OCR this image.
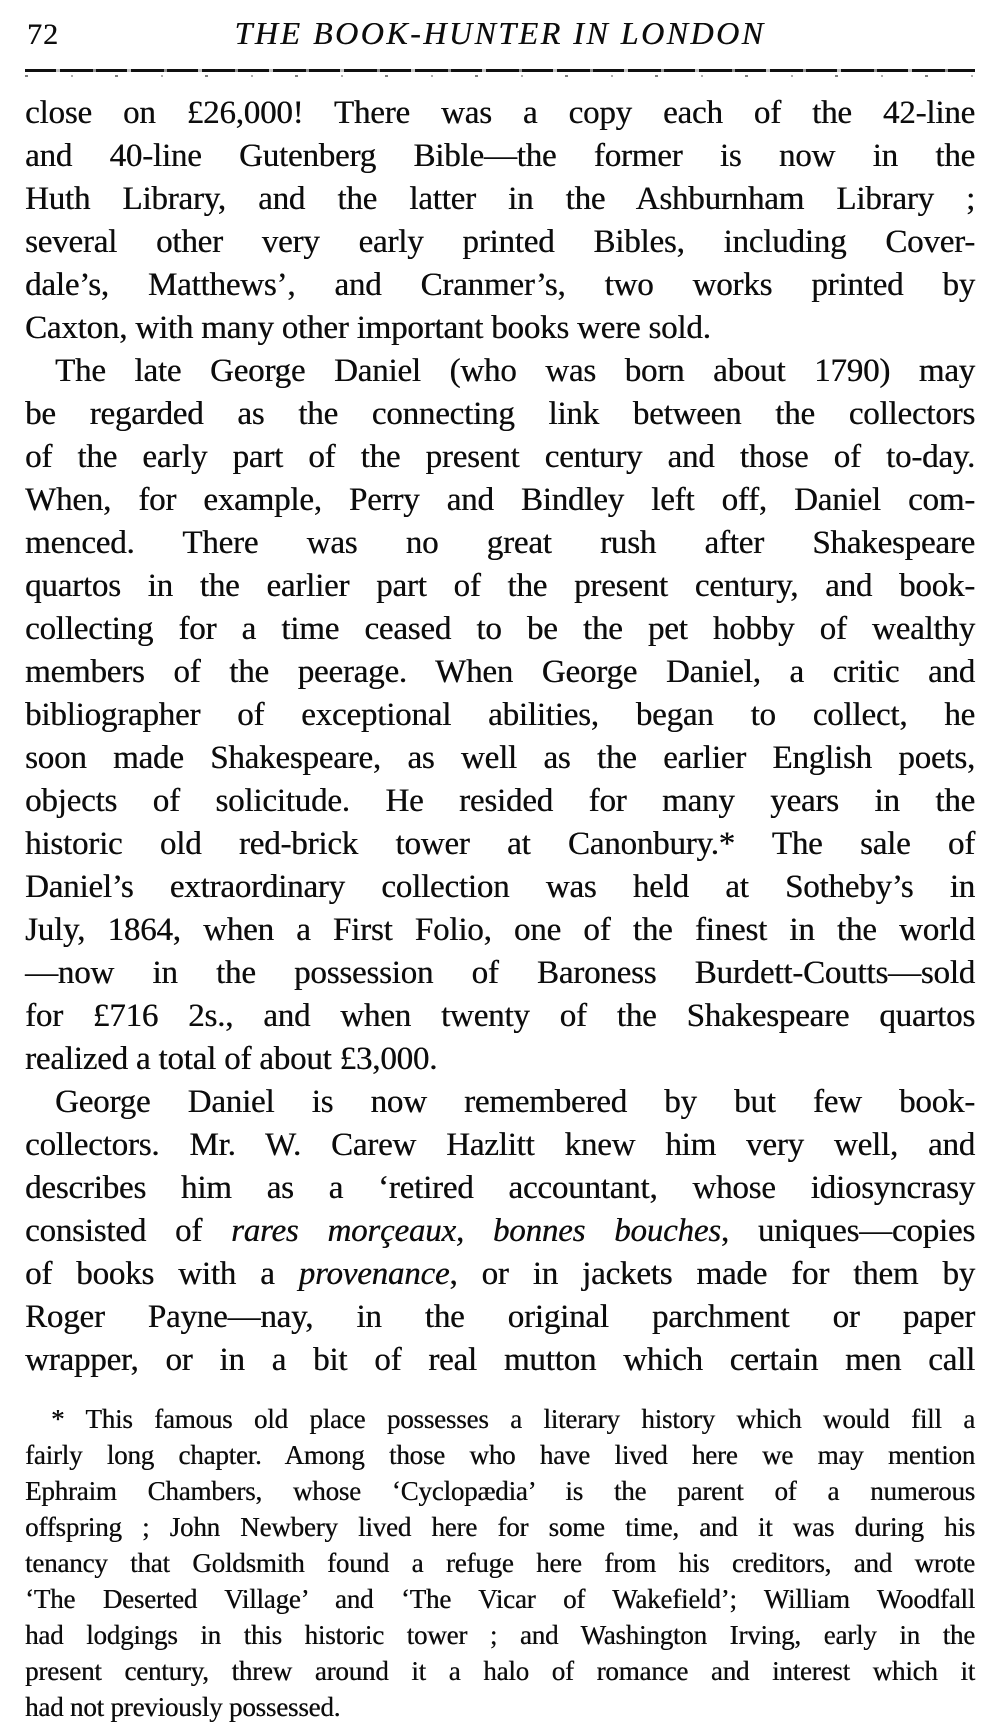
72	THE BOOK-HUNTER IN LONDON
close on £26,000! There was a copy each of the 42-line
and 40-line Gutenberg Bible—the former is now in the
Huth Library, and the latter in the Ashburnham Library ;
several other very early printed Bibles, including Cover-
dale’s, Matthews’, and Cranmer’s, two works printed by
Caxton, with many other important books were sold.
The late George Daniel (who was born about 1790) may
be regarded as the connecting link between the collectors
of the early part of the present century and those of to-day.
When, for example, Perry and Bindley left off, Daniel com-
menced. There was no great rush after Shakespeare
quartos in the earlier part of the present century, and book-
collecting for a time ceased to be the pet hobby of wealthy
members of the peerage. When George Daniel, a critic and
bibliographer of exceptional abilities, began to collect, he
soon made Shakespeare, as well as the earlier English poets,
objects of solicitude. He resided for many years in the
historic old red-brick tower at Canonbury.* The sale of
Daniel’s extraordinary collection was held at Sotheby’s in
July, 1864, when a First Folio, one of the finest in the world
—now in the possession of Baroness Burdett-Coutts—sold
for £716 2s., and when twenty of the Shakespeare quartos
realized a total of about £3,000.
George Daniel is now remembered by but few book-
collectors. Mr. W. Carew Hazlitt knew him very well, and
describes him as a ‘retired accountant, whose idiosyncrasy
consisted of rares morçeaux, bonnes bouches, uniques—copies
of books with a provenance, or in jackets made for them by
Roger Payne—nay, in the original parchment or paper
wrapper, or in a bit of real mutton which certain men call
* This famous old place possesses a literary history which would fill a
fairly long chapter. Among those who have lived here we may mention
Ephraim Chambers, whose ‘Cyclopædia’ is the parent of a numerous
offspring ; John Newbery lived here for some time, and it was during his
tenancy that Goldsmith found a refuge here from his creditors, and wrote
‘The Deserted Village’ and ‘The Vicar of Wakefield’; William Woodfall
had lodgings in this historic tower ; and Washington Irving, early in the
present century, threw around it a halo of romance and interest which it
had not previously possessed.
